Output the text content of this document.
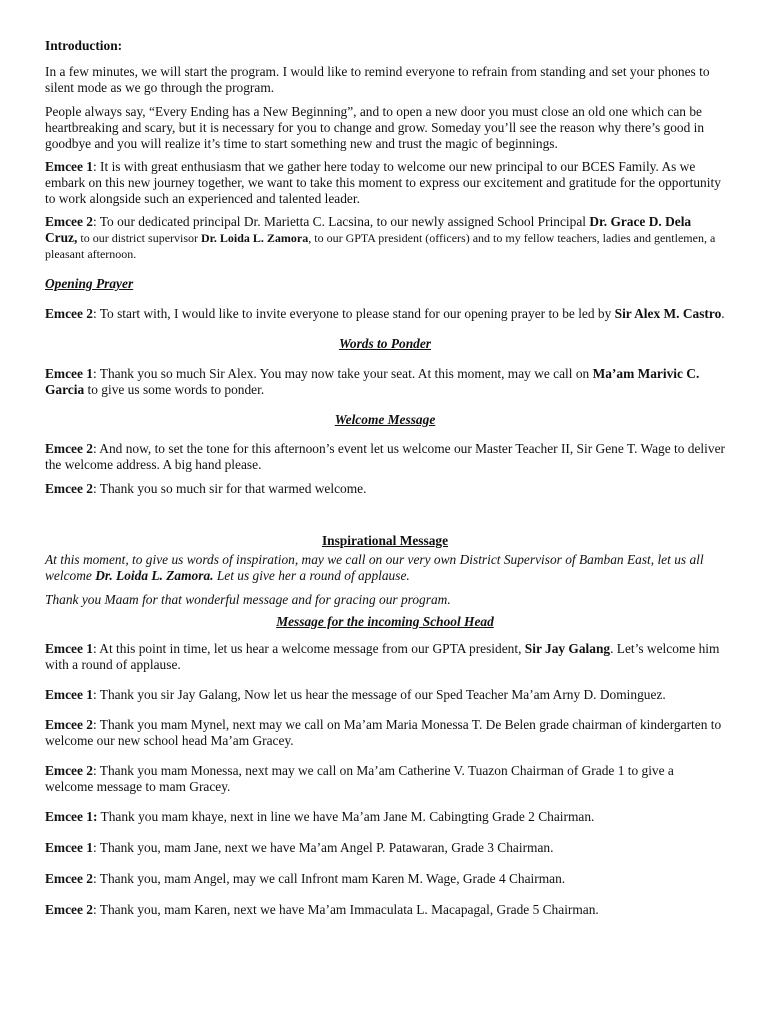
Introduction:

In a few minutes, we will start the program. I would like to remind everyone to refrain from standing and set your phones to silent mode as we go through the program.

People always say, “Every Ending has a New Beginning”, and to open a new door you must close an old one which can be heartbreaking and scary, but it is necessary for you to change and grow. Someday you’ll see the reason why there’s good in goodbye and you will realize it’s time to start something new and trust the magic of beginnings.

Emcee 1: It is with great enthusiasm that we gather here today to welcome our new principal to our BCES Family. As we embark on this new journey together, we want to take this moment to express our excitement and gratitude for the opportunity to work alongside such an experienced and talented leader.

Emcee 2: To our dedicated principal Dr. Marietta C. Lacsina, to our newly assigned School Principal Dr. Grace D. Dela Cruz, to our district supervisor Dr. Loida L. Zamora, to our GPTA president (officers) and to my fellow teachers, ladies and gentlemen, a pleasant afternoon.

Opening Prayer

Emcee 2: To start with, I would like to invite everyone to please stand for our opening prayer to be led by Sir Alex M. Castro.

Words to Ponder

Emcee 1: Thank you so much Sir Alex. You may now take your seat. At this moment, may we call on Ma’am Marivic C. Garcia to give us some words to ponder.

Welcome Message

Emcee 2: And now, to set the tone for this afternoon’s event let us welcome our Master Teacher II, Sir Gene T. Wage to deliver the welcome address. A big hand please.

Emcee 2: Thank you so much sir for that warmed welcome.

Inspirational Message

At this moment, to give us words of inspiration, may we call on our very own District Supervisor of Bamban East, let us all welcome Dr. Loida L. Zamora. Let us give her a round of applause.

Thank you Maam for that wonderful message and for gracing our program.

Message for the incoming School Head

Emcee 1: At this point in time, let us hear a welcome message from our GPTA president, Sir Jay Galang. Let’s welcome him with a round of applause.

Emcee 1: Thank you sir Jay Galang, Now let us hear the message of our Sped Teacher Ma’am Arny D. Dominguez.

Emcee 2: Thank you mam Mynel, next may we call on Ma’am Maria Monessa T. De Belen grade chairman of kindergarten to welcome our new school head Ma’am Gracey.

Emcee 2: Thank you mam Monessa, next may we call on Ma’am Catherine V. Tuazon Chairman of Grade 1 to give a welcome message to mam Gracey.

Emcee 1: Thank you mam khaye, next in line we have Ma’am Jane M. Cabingting Grade 2 Chairman.

Emcee 1: Thank you, mam Jane, next we have Ma’am Angel P. Patawaran, Grade 3 Chairman.

Emcee 2: Thank you, mam Angel, may we call Infront mam Karen M. Wage, Grade 4 Chairman.

Emcee 2: Thank you, mam Karen, next we have Ma’am Immaculata L. Macapagal, Grade 5 Chairman.
